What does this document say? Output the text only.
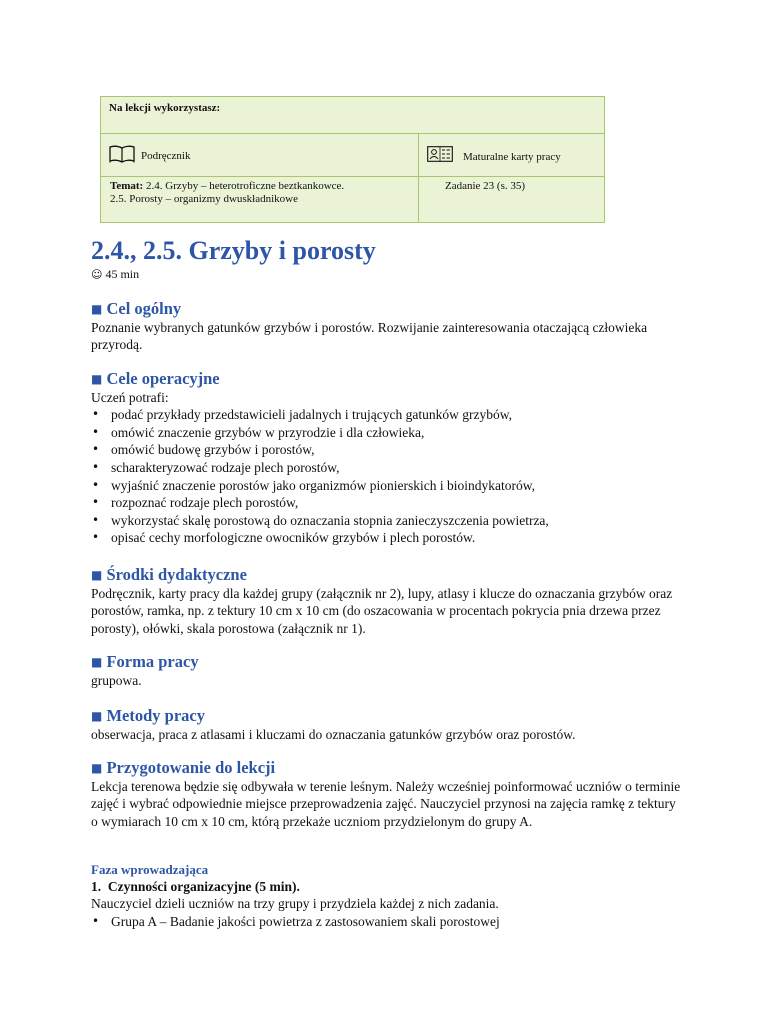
Na lekcji wykorzystasz:	
Podręcznik	Maturalne karty pracy
Temat: 2.4. Grzyby – heterotroficzne beztkankowce.
2.5. Porosty – organizmy dwuskładnikowe	Zadanie 23 (s. 35)
2.4., 2.5. Grzyby i porosty
☺ 45 min
■ Cel ogólny

Poznanie wybranych gatunków grzybów i porostów. Rozwijanie zainteresowania otaczającą człowieka przyrodą.

■ Cele operacyjne

Uczeń potrafi:

• podać przykłady przedstawicieli jadalnych i trujących gatunków grzybów,
• omówić znaczenie grzybów w przyrodzie i dla człowieka,
• omówić budowę grzybów i porostów,
• scharakteryzować rodzaje plech porostów,
• wyjaśnić znaczenie porostów jako organizmów pionierskich i bioindykatorów,
• rozpoznać rodzaje plech porostów,
• wykorzystać skalę porostową do oznaczania stopnia zanieczyszczenia powietrza,
• opisać cechy morfologiczne owocników grzybów i plech porostów.
■ Środki dydaktyczne

Podręcznik, karty pracy dla każdej grupy (załącznik nr 2), lupy, atlasy i klucze do oznaczania grzybów oraz porostów, ramka, np. z tektury 10 cm x 10 cm (do oszacowania w procentach pokrycia pnia drzewa przez porosty), ołówki, skala porostowa (załącznik nr 1).

■ Forma pracy

grupowa.

■ Metody pracy

obserwacja, praca z atlasami i kluczami do oznaczania gatunków grzybów oraz porostów.

■ Przygotowanie do lekcji

Lekcja terenowa będzie się odbywała w terenie leśnym. Należy wcześniej poinformować uczniów o terminie zajęć i wybrać odpowiednie miejsce przeprowadzenia zajęć. Nauczyciel przynosi na zajęcia ramkę z tektury o wymiarach 10 cm x 10 cm, którą przekaże uczniom przydzielonym do grupy A.

Faza wprowadzająca

1. Czynności organizacyjne (5 min).

Nauczyciel dzieli uczniów na trzy grupy i przydziela każdej z nich zadania.

• Grupa A – Badanie jakości powietrza z zastosowaniem skali porostowej
